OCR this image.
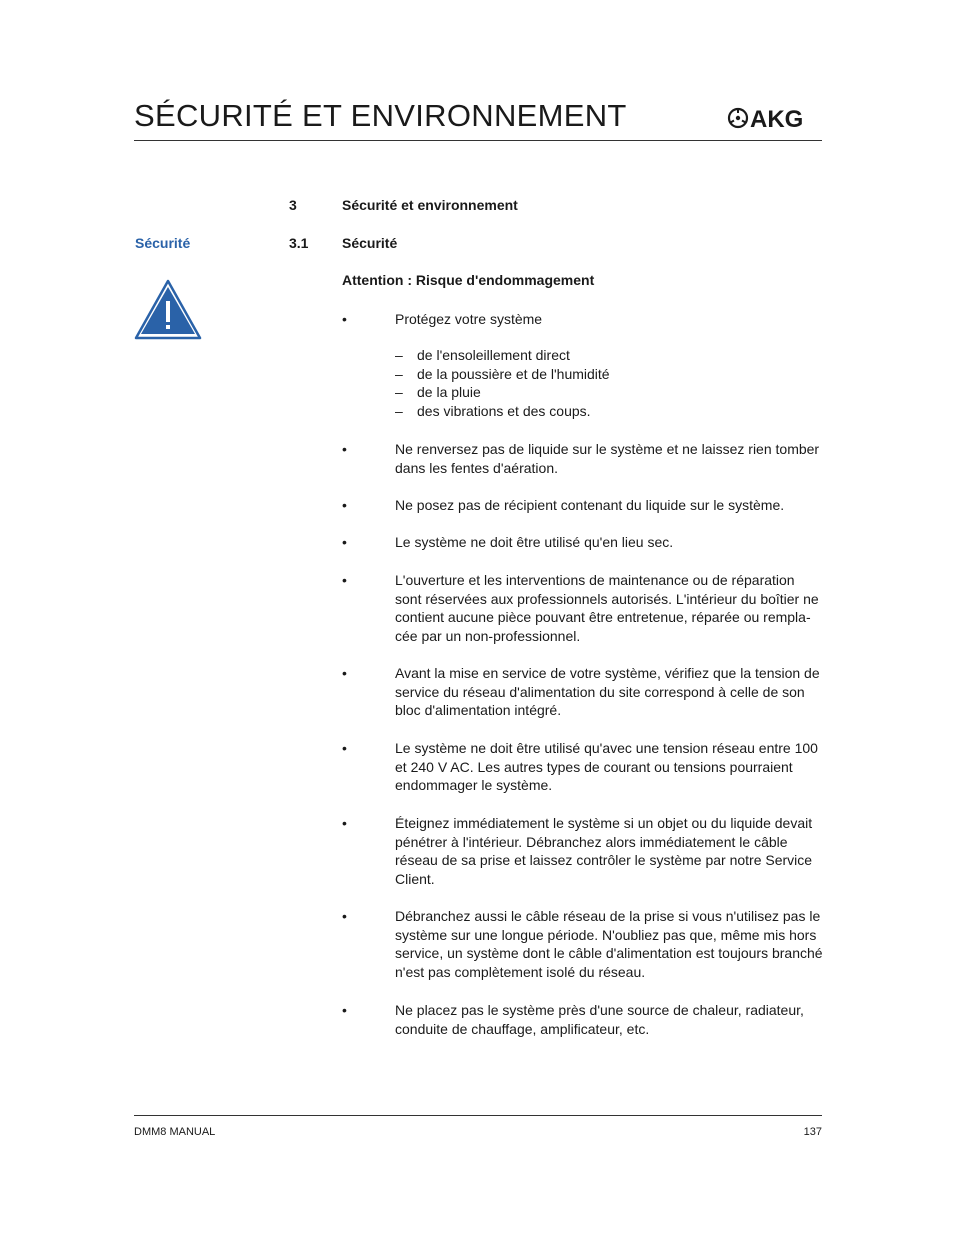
SÉCURITÉ ET ENVIRONNEMENT	AKG
3	Sécurité et environnement
Sécurité	3.1 Sécurité
Attention : Risque d'endommagement
•	Protégez votre système
– de l'ensoleillement direct
– de la poussière et de l'humidité
– de la pluie
– des vibrations et des coups.
•	Ne renversez pas de liquide sur le système et ne laissez rien tomber dans les fentes d'aération.
•	Ne posez pas de récipient contenant du liquide sur le système.
•	Le système ne doit être utilisé qu'en lieu sec.
•	L'ouverture et les interventions de maintenance ou de réparation sont réservées aux professionnels autorisés. L'intérieur du boîtier ne contient aucune pièce pouvant être entretenue, réparée ou rempla-cée par un non-professionnel.
•	Avant la mise en service de votre système, vérifiez que la tension de service du réseau d'alimentation du site correspond à celle de son bloc d'alimentation intégré.
•	Le système ne doit être utilisé qu'avec une tension réseau entre 100 et 240 V AC. Les autres types de courant ou tensions pourraient endommager le système.
•	Éteignez immédiatement le système si un objet ou du liquide devait pénétrer à l'intérieur. Débranchez alors immédiatement le câble réseau de sa prise et laissez contrôler le système par notre Service Client.
•	Débranchez aussi le câble réseau de la prise si vous n'utilisez pas le système sur une longue période. N'oubliez pas que, même mis hors service, un système dont le câble d'alimentation est toujours branché n'est pas complètement isolé du réseau.
•	Ne placez pas le système près d'une source de chaleur, radiateur, conduite de chauffage, amplificateur, etc.
DMM8 MANUAL	137
